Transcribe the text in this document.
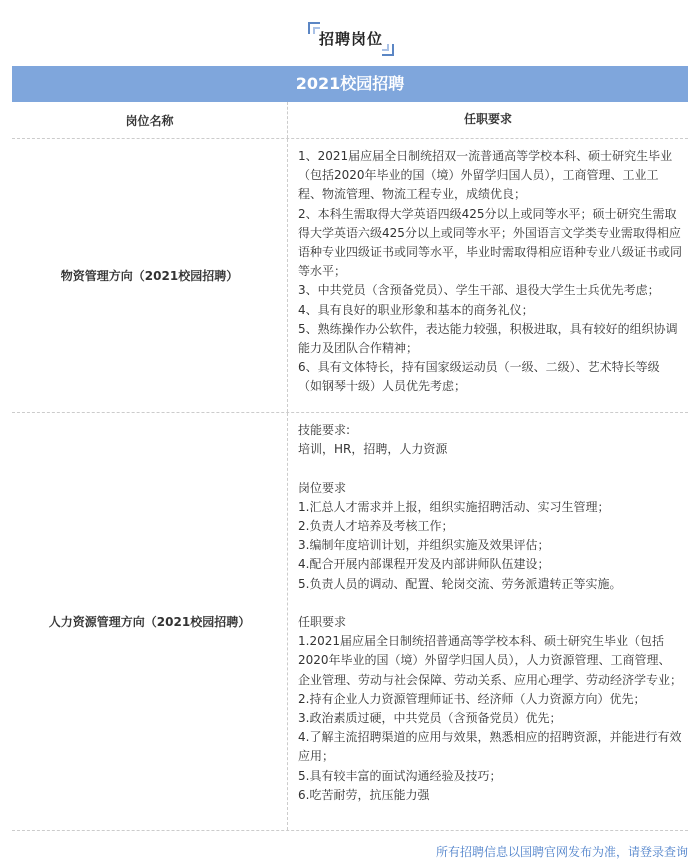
招聘岗位
2021校园招聘
岗位名称	任职要求
物资管理方向（2021校园招聘）

1、2021届应届全日制统招双一流普通高等学校本科、硕士研究生毕业（包括2020年毕业的国（境）外留学归国人员），工商管理、工业工程、物流管理、物流工程专业，成绩优良；

2、本科生需取得大学英语四级425分以上或同等水平；硕士研究生需取得大学英语六级425分以上或同等水平；外国语言文学类专业需取得相应语种专业四级证书或同等水平，毕业时需取得相应语种专业八级证书或同等水平；

3、中共党员（含预备党员）、学生干部、退役大学生士兵优先考虑；

4、具有良好的职业形象和基本的商务礼仪；

5、熟练操作办公软件，表达能力较强，积极进取，具有较好的组织协调能力及团队合作精神；

6、具有文体特长，持有国家级运动员（一级、二级）、艺术特长等级（如钢琴十级）人员优先考虑；

人力资源管理方向（2021校园招聘）

技能要求:

培训，HR，招聘，人力资源

岗位要求

1.汇总人才需求并上报，组织实施招聘活动、实习生管理；

2.负责人才培养及考核工作；

3.编制年度培训计划，并组织实施及效果评估；

4.配合开展内部课程开发及内部讲师队伍建设；

5.负责人员的调动、配置、轮岗交流、劳务派遣转正等实施。

任职要求

1.2021届应届全日制统招普通高等学校本科、硕士研究生毕业（包括2020年毕业的国（境）外留学归国人员），人力资源管理、工商管理、企业管理、劳动与社会保障、劳动关系、应用心理学、劳动经济学专业；

2.持有企业人力资源管理师证书、经济师（人力资源方向）优先；

3.政治素质过硬，中共党员（含预备党员）优先；

4.了解主流招聘渠道的应用与效果，熟悉相应的招聘资源，并能进行有效应用；

5.具有较丰富的面试沟通经验及技巧；

6.吃苦耐劳，抗压能力强

所有招聘信息以国聘官网发布为准，请登录查询
